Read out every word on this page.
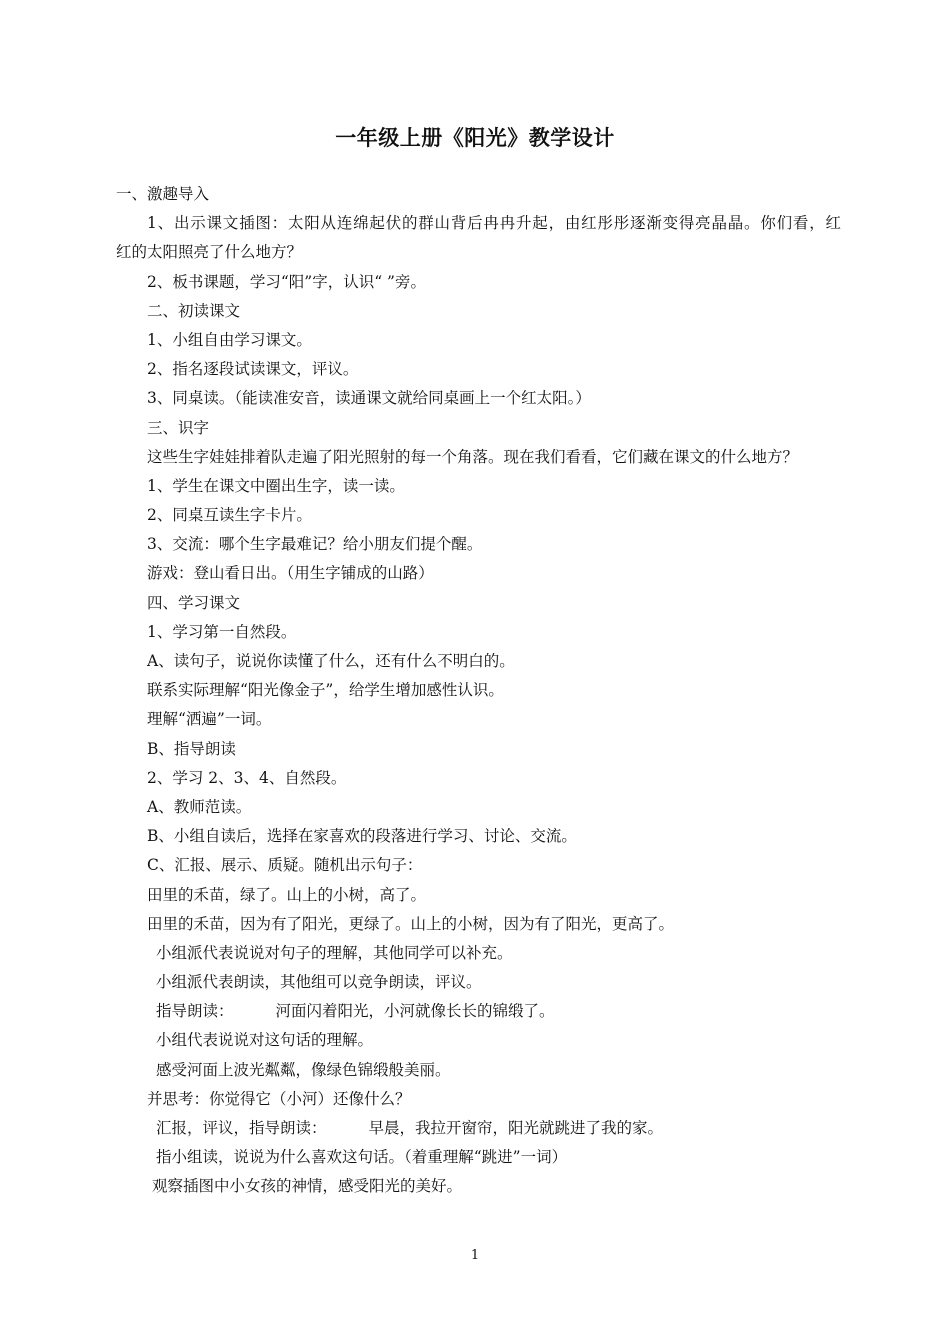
一年级上册《阳光》教学设计
一、激趣导入
1、出示课文插图：太阳从连绵起伏的群山背后冉冉升起，由红彤彤逐渐变得亮晶晶。你们看，红
红的太阳照亮了什么地方？
2、板书课题，学习“阳”字，认识“ ”旁。
二、初读课文
1、小组自由学习课文。
2、指名逐段试读课文，评议。
3、同桌读。（能读准安音，读通课文就给同桌画上一个红太阳。）
三、识字
这些生字娃娃排着队走遍了阳光照射的每一个角落。现在我们看看，它们藏在课文的什么地方？
1、学生在课文中圈出生字，读一读。
2、同桌互读生字卡片。
3、交流：哪个生字最难记？给小朋友们提个醒。
游戏：登山看日出。（用生字铺成的山路）
四、学习课文
1、学习第一自然段。
A、读句子，说说你读懂了什么，还有什么不明白的。
联系实际理解“阳光像金子”，给学生增加感性认识。
理解“洒遍”一词。
B、指导朗读
2、学习 2、3、4、自然段。
A、教师范读。
B、小组自读后，选择在家喜欢的段落进行学习、讨论、交流。
C、汇报、展示、质疑。随机出示句子：
田里的禾苗，绿了。山上的小树，高了。
田里的禾苗，因为有了阳光，更绿了。山上的小树，因为有了阳光，更高了。
小组派代表说说对句子的理解，其他同学可以补充。
小组派代表朗读，其他组可以竞争朗读，评议。
指导朗读：	河面闪着阳光，小河就像长长的锦缎了。
小组代表说说对这句话的理解。
感受河面上波光粼粼，像绿色锦缎般美丽。
并思考：你觉得它（小河）还像什么？
汇报，评议，指导朗读：	早晨，我拉开窗帘，阳光就跳进了我的家。
指小组读，说说为什么喜欢这句话。（着重理解“跳进”一词）
观察插图中小女孩的神情，感受阳光的美好。
1
